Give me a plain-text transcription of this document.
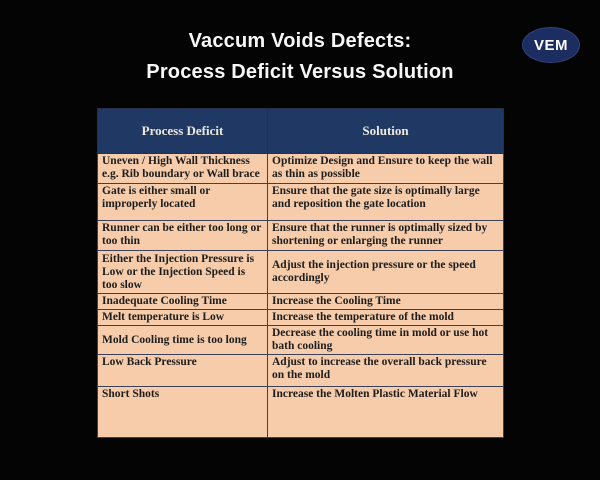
Vaccum Voids Defects:
Process Deficit Versus Solution
VEM
Process Deficit	Solution
Uneven / High Wall Thickness e.g. Rib boundary or Wall brace	Optimize Design and Ensure to keep the wall as thin as possible
Gate is either small or improperly located	Ensure that the gate size is optimally large and reposition the gate location
Runner can be either too long or too thin	Ensure that the runner is optimally sized by shortening or enlarging the runner
Either the Injection Pressure is Low or the Injection Speed is too slow	Adjust the injection pressure or the speed accordingly
Inadequate Cooling Time	Increase the Cooling Time
Melt temperature is Low	Increase the temperature of the mold
Mold Cooling time is too long	Decrease the cooling time in mold or use hot bath cooling
Low Back Pressure	Adjust to increase the overall back pressure on the mold
Short Shots	Increase the Molten Plastic Material Flow
